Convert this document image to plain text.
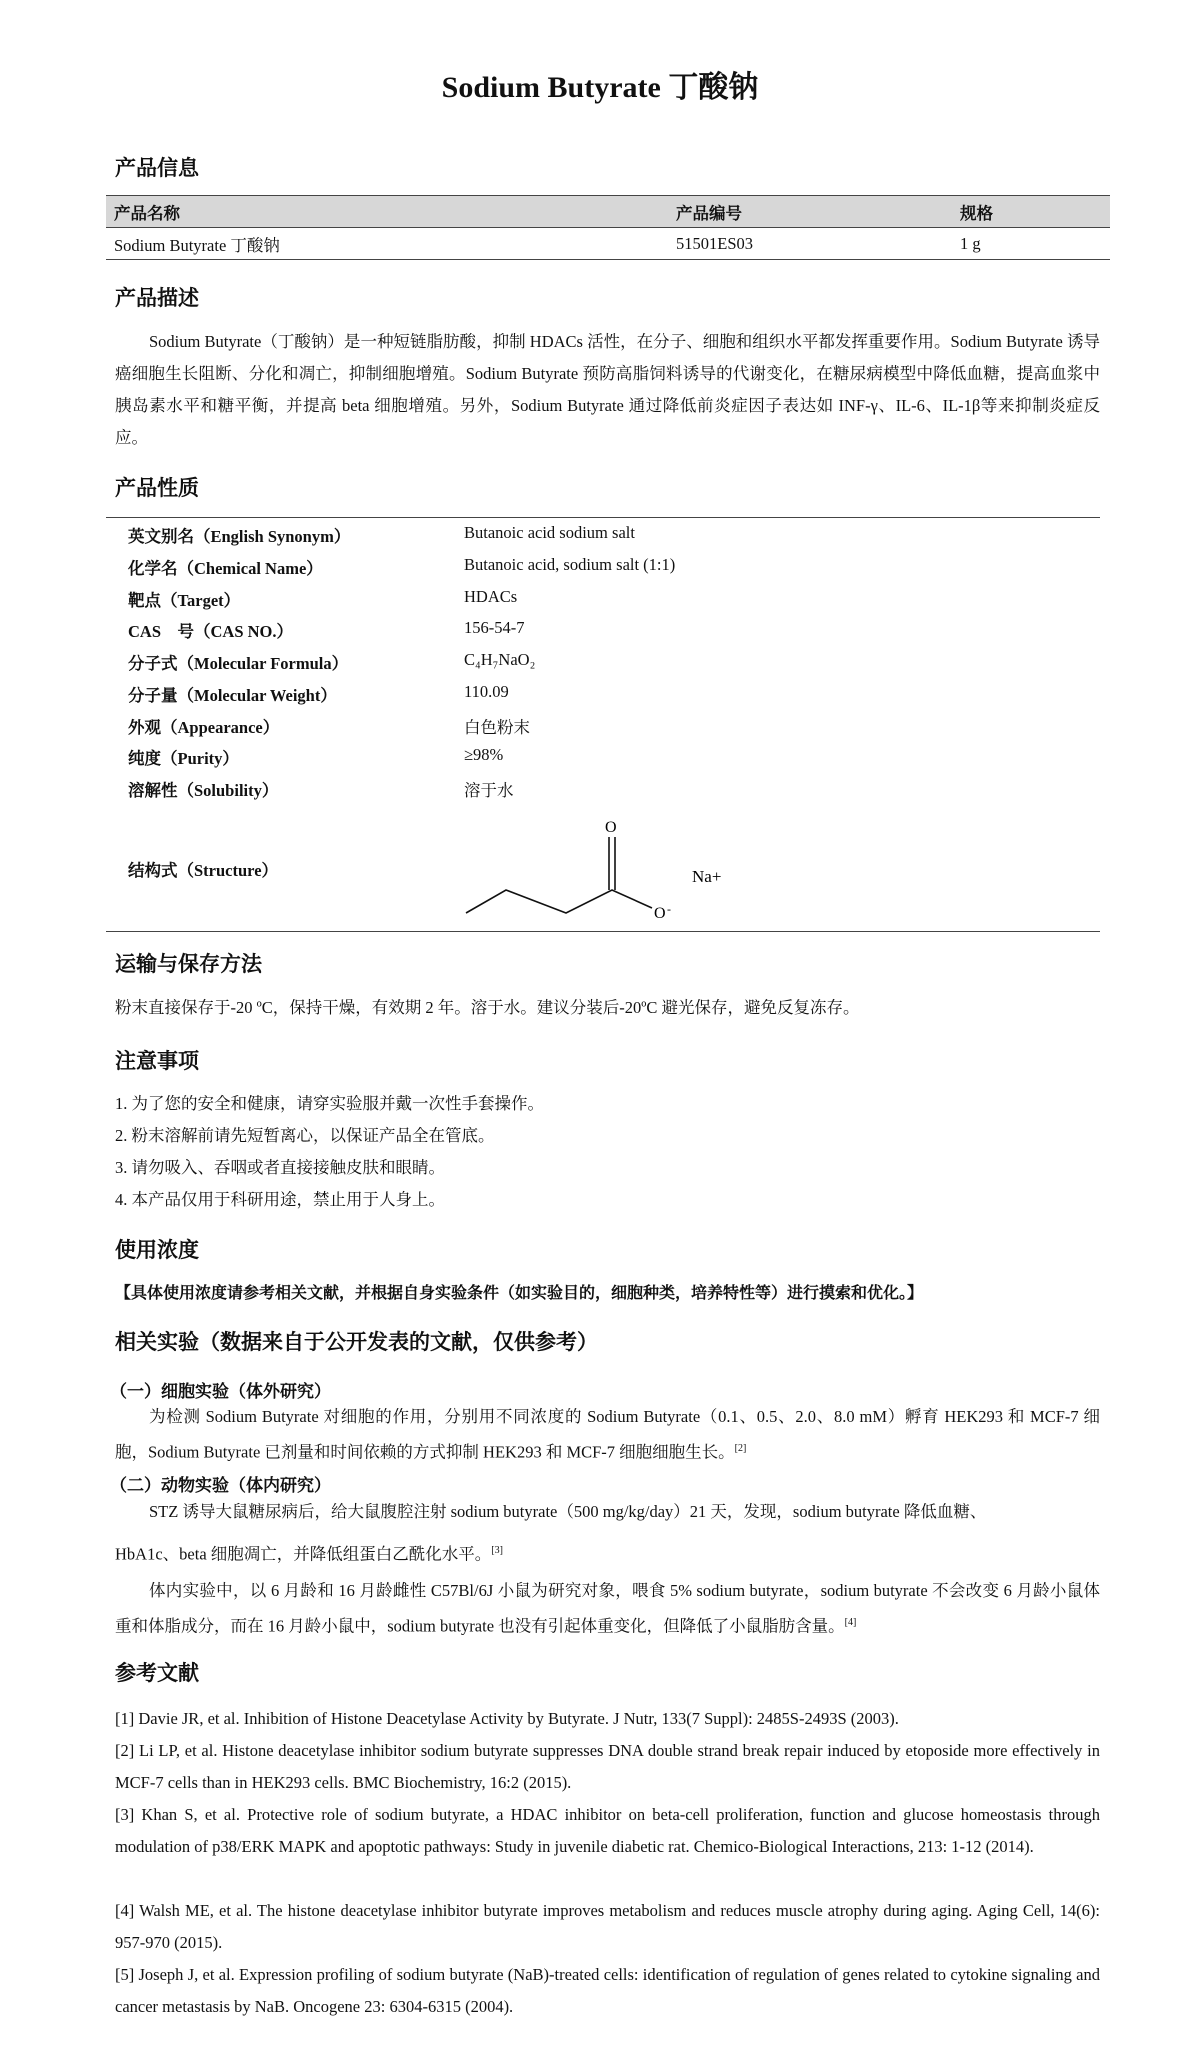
Sodium Butyrate 丁酸钠
产品信息
产品名称	产品编号	规格
Sodium Butyrate 丁酸钠	51501ES03	1 g
产品描述
Sodium Butyrate（丁酸钠）是一种短链脂肪酸，抑制 HDACs 活性，在分子、细胞和组织水平都发挥重要作用。Sodium Butyrate 诱导癌细胞生长阻断、分化和凋亡，抑制细胞增殖。Sodium Butyrate 预防高脂饲料诱导的代谢变化，在糖尿病模型中降低血糖，提高血浆中胰岛素水平和糖平衡，并提高 beta 细胞增殖。另外，Sodium Butyrate 通过降低前炎症因子表达如 INF-γ、IL-6、IL-1β等来抑制炎症反应。
产品性质
英文别名（English Synonym）	Butanoic acid sodium salt
化学名（Chemical Name）	Butanoic acid, sodium salt (1:1)
靶点（Target）	HDACs
CAS　号（CAS NO.）	156-54-7
分子式（Molecular Formula）	C₄H₇NaO₂
分子量（Molecular Weight）	110.09
外观（Appearance）	白色粉末
纯度（Purity）	≥98%
溶解性（Solubility）	溶于水
结构式（Structure）
O
O -
Na+
运输与保存方法
粉末直接保存于-20 ºC，保持干燥，有效期 2 年。溶于水。建议分装后-20ºC 避光保存，避免反复冻存。
注意事项
1. 为了您的安全和健康，请穿实验服并戴一次性手套操作。
2. 粉末溶解前请先短暂离心，以保证产品全在管底。
3. 请勿吸入、吞咽或者直接接触皮肤和眼睛。
4. 本产品仅用于科研用途，禁止用于人身上。
使用浓度
【具体使用浓度请参考相关文献，并根据自身实验条件（如实验目的，细胞种类，培养特性等）进行摸索和优化。】
相关实验（数据来自于公开发表的文献，仅供参考）
（一）细胞实验（体外研究）
为检测 Sodium Butyrate 对细胞的作用，分别用不同浓度的 Sodium Butyrate（0.1、0.5、2.0、8.0 mM）孵育 HEK293 和 MCF-7 细胞，Sodium Butyrate 已剂量和时间依赖的方式抑制 HEK293 和 MCF-7 细胞细胞生长。[2]
（二）动物实验（体内研究）
STZ 诱导大鼠糖尿病后，给大鼠腹腔注射 sodium butyrate（500 mg/kg/day）21 天，发现，sodium butyrate 降低血糖、
HbA1c、beta 细胞凋亡，并降低组蛋白乙酰化水平。[3]
体内实验中，以 6 月龄和 16 月龄雌性 C57Bl/6J 小鼠为研究对象，喂食 5% sodium butyrate，sodium butyrate 不会改变 6 月龄小鼠体重和体脂成分，而在 16 月龄小鼠中，sodium butyrate 也没有引起体重变化，但降低了小鼠脂肪含量。[4]
参考文献
[1] Davie JR, et al. Inhibition of Histone Deacetylase Activity by Butyrate. J Nutr, 133(7 Suppl): 2485S-2493S (2003).
[2] Li LP, et al. Histone deacetylase inhibitor sodium butyrate suppresses DNA double strand break repair induced by etoposide more effectively in MCF-7 cells than in HEK293 cells. BMC Biochemistry, 16:2 (2015).
[3] Khan S, et al. Protective role of sodium butyrate, a HDAC inhibitor on beta-cell proliferation, function and glucose homeostasis through modulation of p38/ERK MAPK and apoptotic pathways: Study in juvenile diabetic rat. Chemico-Biological Interactions, 213: 1-12 (2014).
[4] Walsh ME, et al. The histone deacetylase inhibitor butyrate improves metabolism and reduces muscle atrophy during aging. Aging Cell, 14(6): 957-970 (2015).
[5] Joseph J, et al. Expression profiling of sodium butyrate (NaB)-treated cells: identification of regulation of genes related to cytokine signaling and cancer metastasis by NaB. Oncogene 23: 6304-6315 (2004).
